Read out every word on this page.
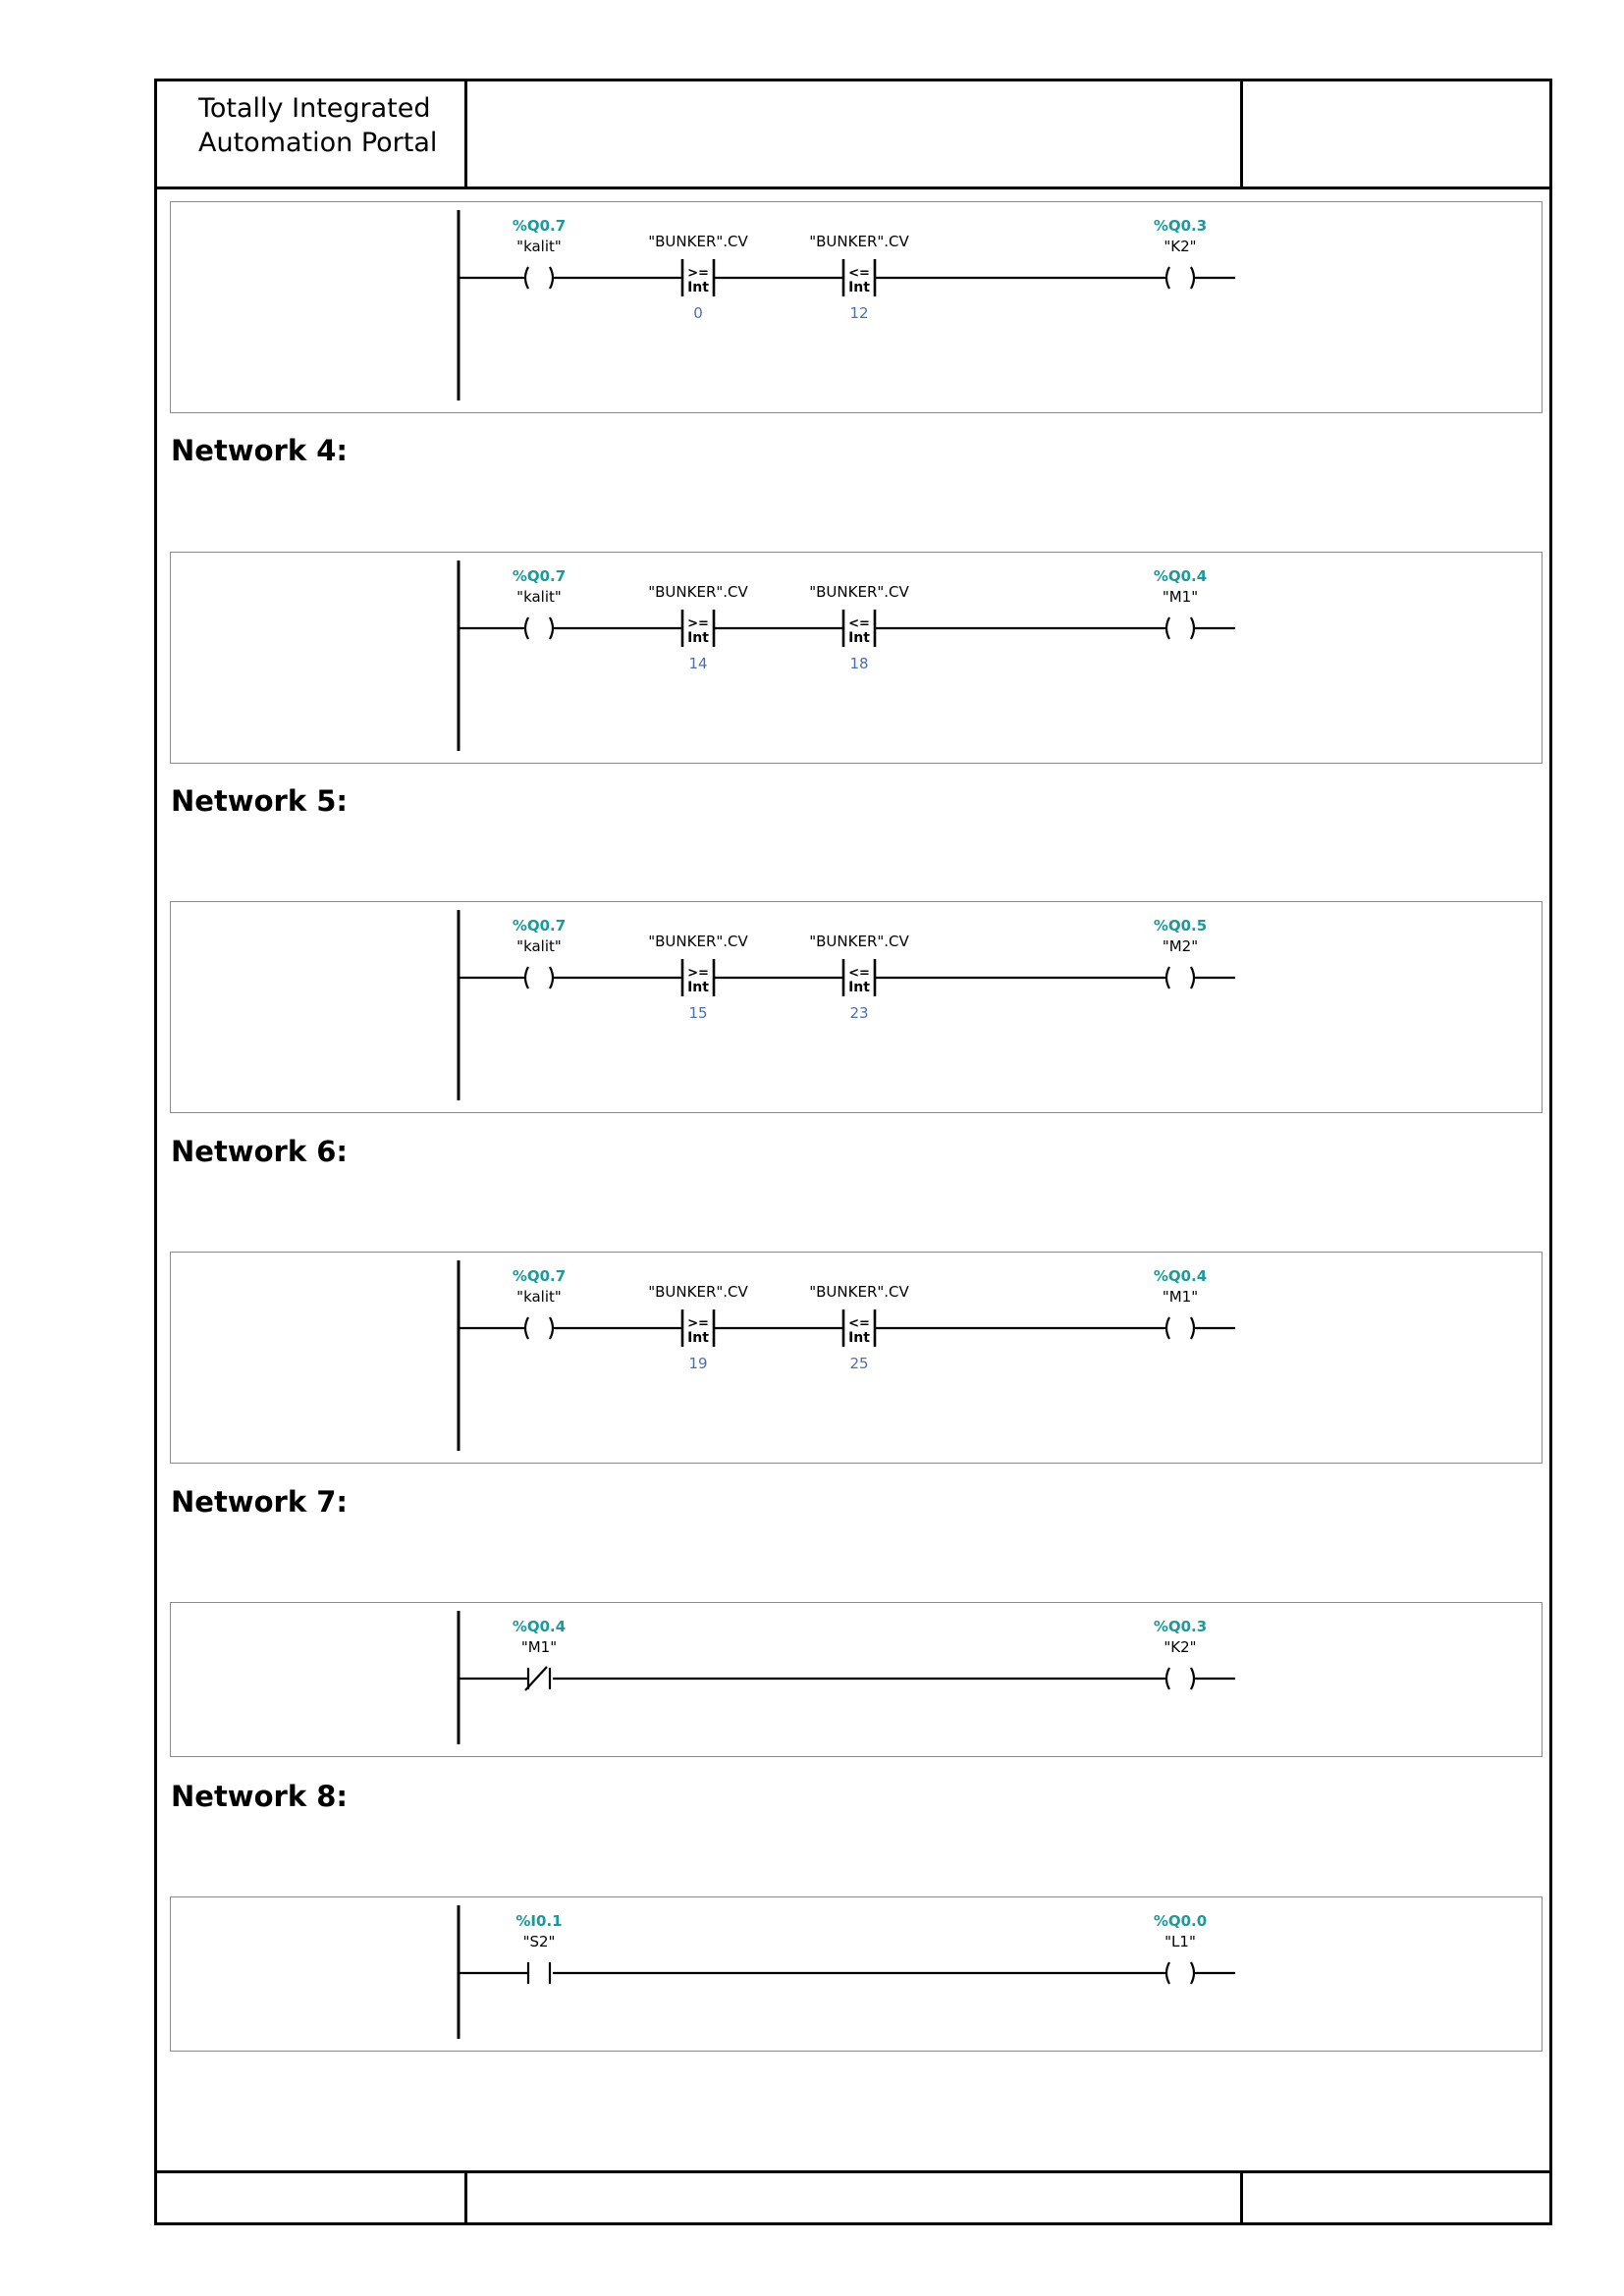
Totally Integrated
Automation Portal
Network 4:
Network 5:
Network 6:
Network 7:
Network 8:
%Q0.7
"kalit"	"BUNKER".CV
>=
Int
0
"BUNKER".CV
<=
Int
12
%Q0.3
"K2"
%Q0.7
"kalit"	"BUNKER".CV
>=
Int
14
"BUNKER".CV
<=
Int
18
%Q0.4
"M1"
%Q0.7
"kalit"	"BUNKER".CV
>=
Int
15
"BUNKER".CV
<=
Int
23
%Q0.5
"M2"
%Q0.7
"kalit"	"BUNKER".CV
>=
Int
19
"BUNKER".CV
<=
Int
25
%Q0.4
"M1"
%Q0.4
"M1"
%Q0.3
"K2"
%I0.1
"S2"
%Q0.0
"L1"
